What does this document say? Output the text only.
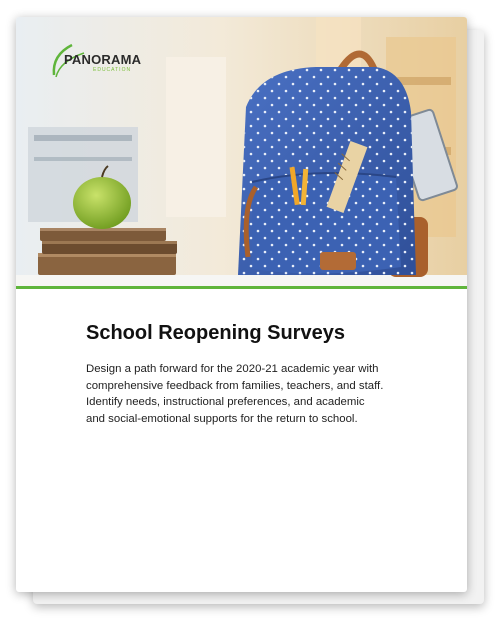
PANORAMA
EDUCATION
School Reopening Surveys

Design a path forward for the 2020-21 academic year with comprehensive feedback from families, teachers, and staff. Identify needs, instructional preferences, and academic and social-emotional supports for the return to school.
